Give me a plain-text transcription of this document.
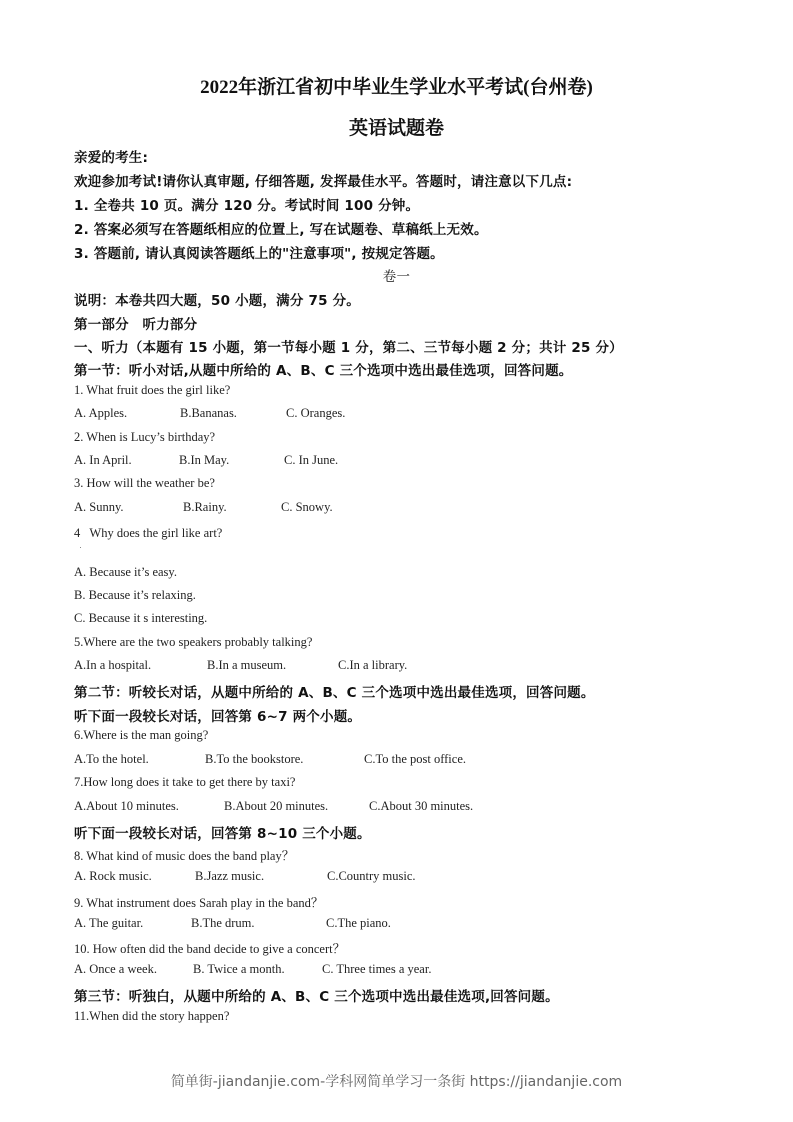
2022年浙江省初中毕业生学业水平考试(台州卷)
英语试题卷
亲爱的考生:
欢迎参加考试!请你认真审题, 仔细答题, 发挥最佳水平。答题时，请注意以下几点:
1. 全卷共 10 页。满分 120 分。考试时间 100 分钟。
2. 答案必须写在答题纸相应的位置上, 写在试题卷、草稿纸上无效。
3. 答题前, 请认真阅读答题纸上的"注意事项", 按规定答题。
卷一
说明：本卷共四大题，50 小题，满分 75 分。
第一部分　听力部分
一、听力（本题有 15 小题，第一节每小题 1 分，第二、三节每小题 2 分；共计 25 分）
第一节：听小对话,从题中所给的 A、B、C 三个选项中选出最佳选项，回答问题。
1. What fruit does the girl like?
A. Apples.	B.Bananas.	C. Oranges.
2. When is Lucy’s birthday?
A. In April.	B.In May.	C. In June.
3. How will the weather be?
A. Sunny.	B.Rainy.	C. Snowy.
4   Why does the girl like art?
A. Because it’s easy.
B. Because it’s relaxing.
C. Because it s interesting.
5.Where are the two speakers probably talking?
A.In a hospital.	B.In a museum.	C.In a library.
第二节：听较长对话，从题中所给的 A、B、C 三个选项中选出最佳选项，回答问题。
听下面一段较长对话，回答第 6~7 两个小题。
6.Where is the man going?
A.To the hotel.	B.To the bookstore.	C.To the post office.
7.How long does it take to get there by taxi?
A.About 10 minutes.	B.About 20 minutes.	C.About 30 minutes.
听下面一段较长对话，回答第 8~10 三个小题。
8. What kind of music does the band play？
A. Rock music.	B.Jazz music.	C.Country music.
9. What instrument does Sarah play in the band？
A. The guitar.	B.The drum.	C.The piano.
10. How often did the band decide to give a concert？
A. Once a week.	B. Twice a month.	C. Three times a year.
第三节：听独白，从题中所给的 A、B、C 三个选项中选出最佳选项,回答问题。
11.When did the story happen?
简单街-jiandanjie.com-学科网简单学习一条街 https://jiandanjie.com
